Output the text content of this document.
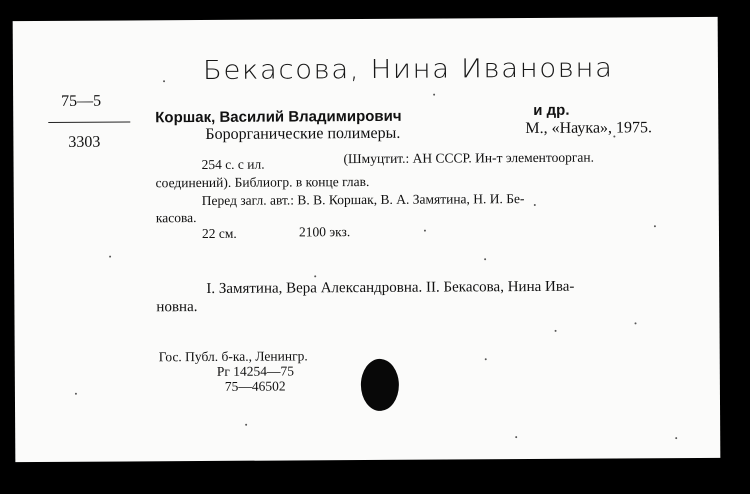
Бекасова, Нина Ивановна
75—5
3303
Коршак, Василий Владимирович	и др.
Борорганические полимеры.	М., «Наука», 1975.
254 с. с ил.	(Шмуцтит.: АН СССР. Ин-т элементоорган.
соединений). Библиогр. в конце глав.
Перед загл. авт.: В. В. Коршак, В. А. Замятина, Н. И. Бе-
касова.
22 см.	2100 экз.
I. Замятина, Вера Александровна. II. Бекасова, Нина Ива-
новна.
Гос. Публ. б-ка., Ленингр.
Рг 14254—75
75—46502
